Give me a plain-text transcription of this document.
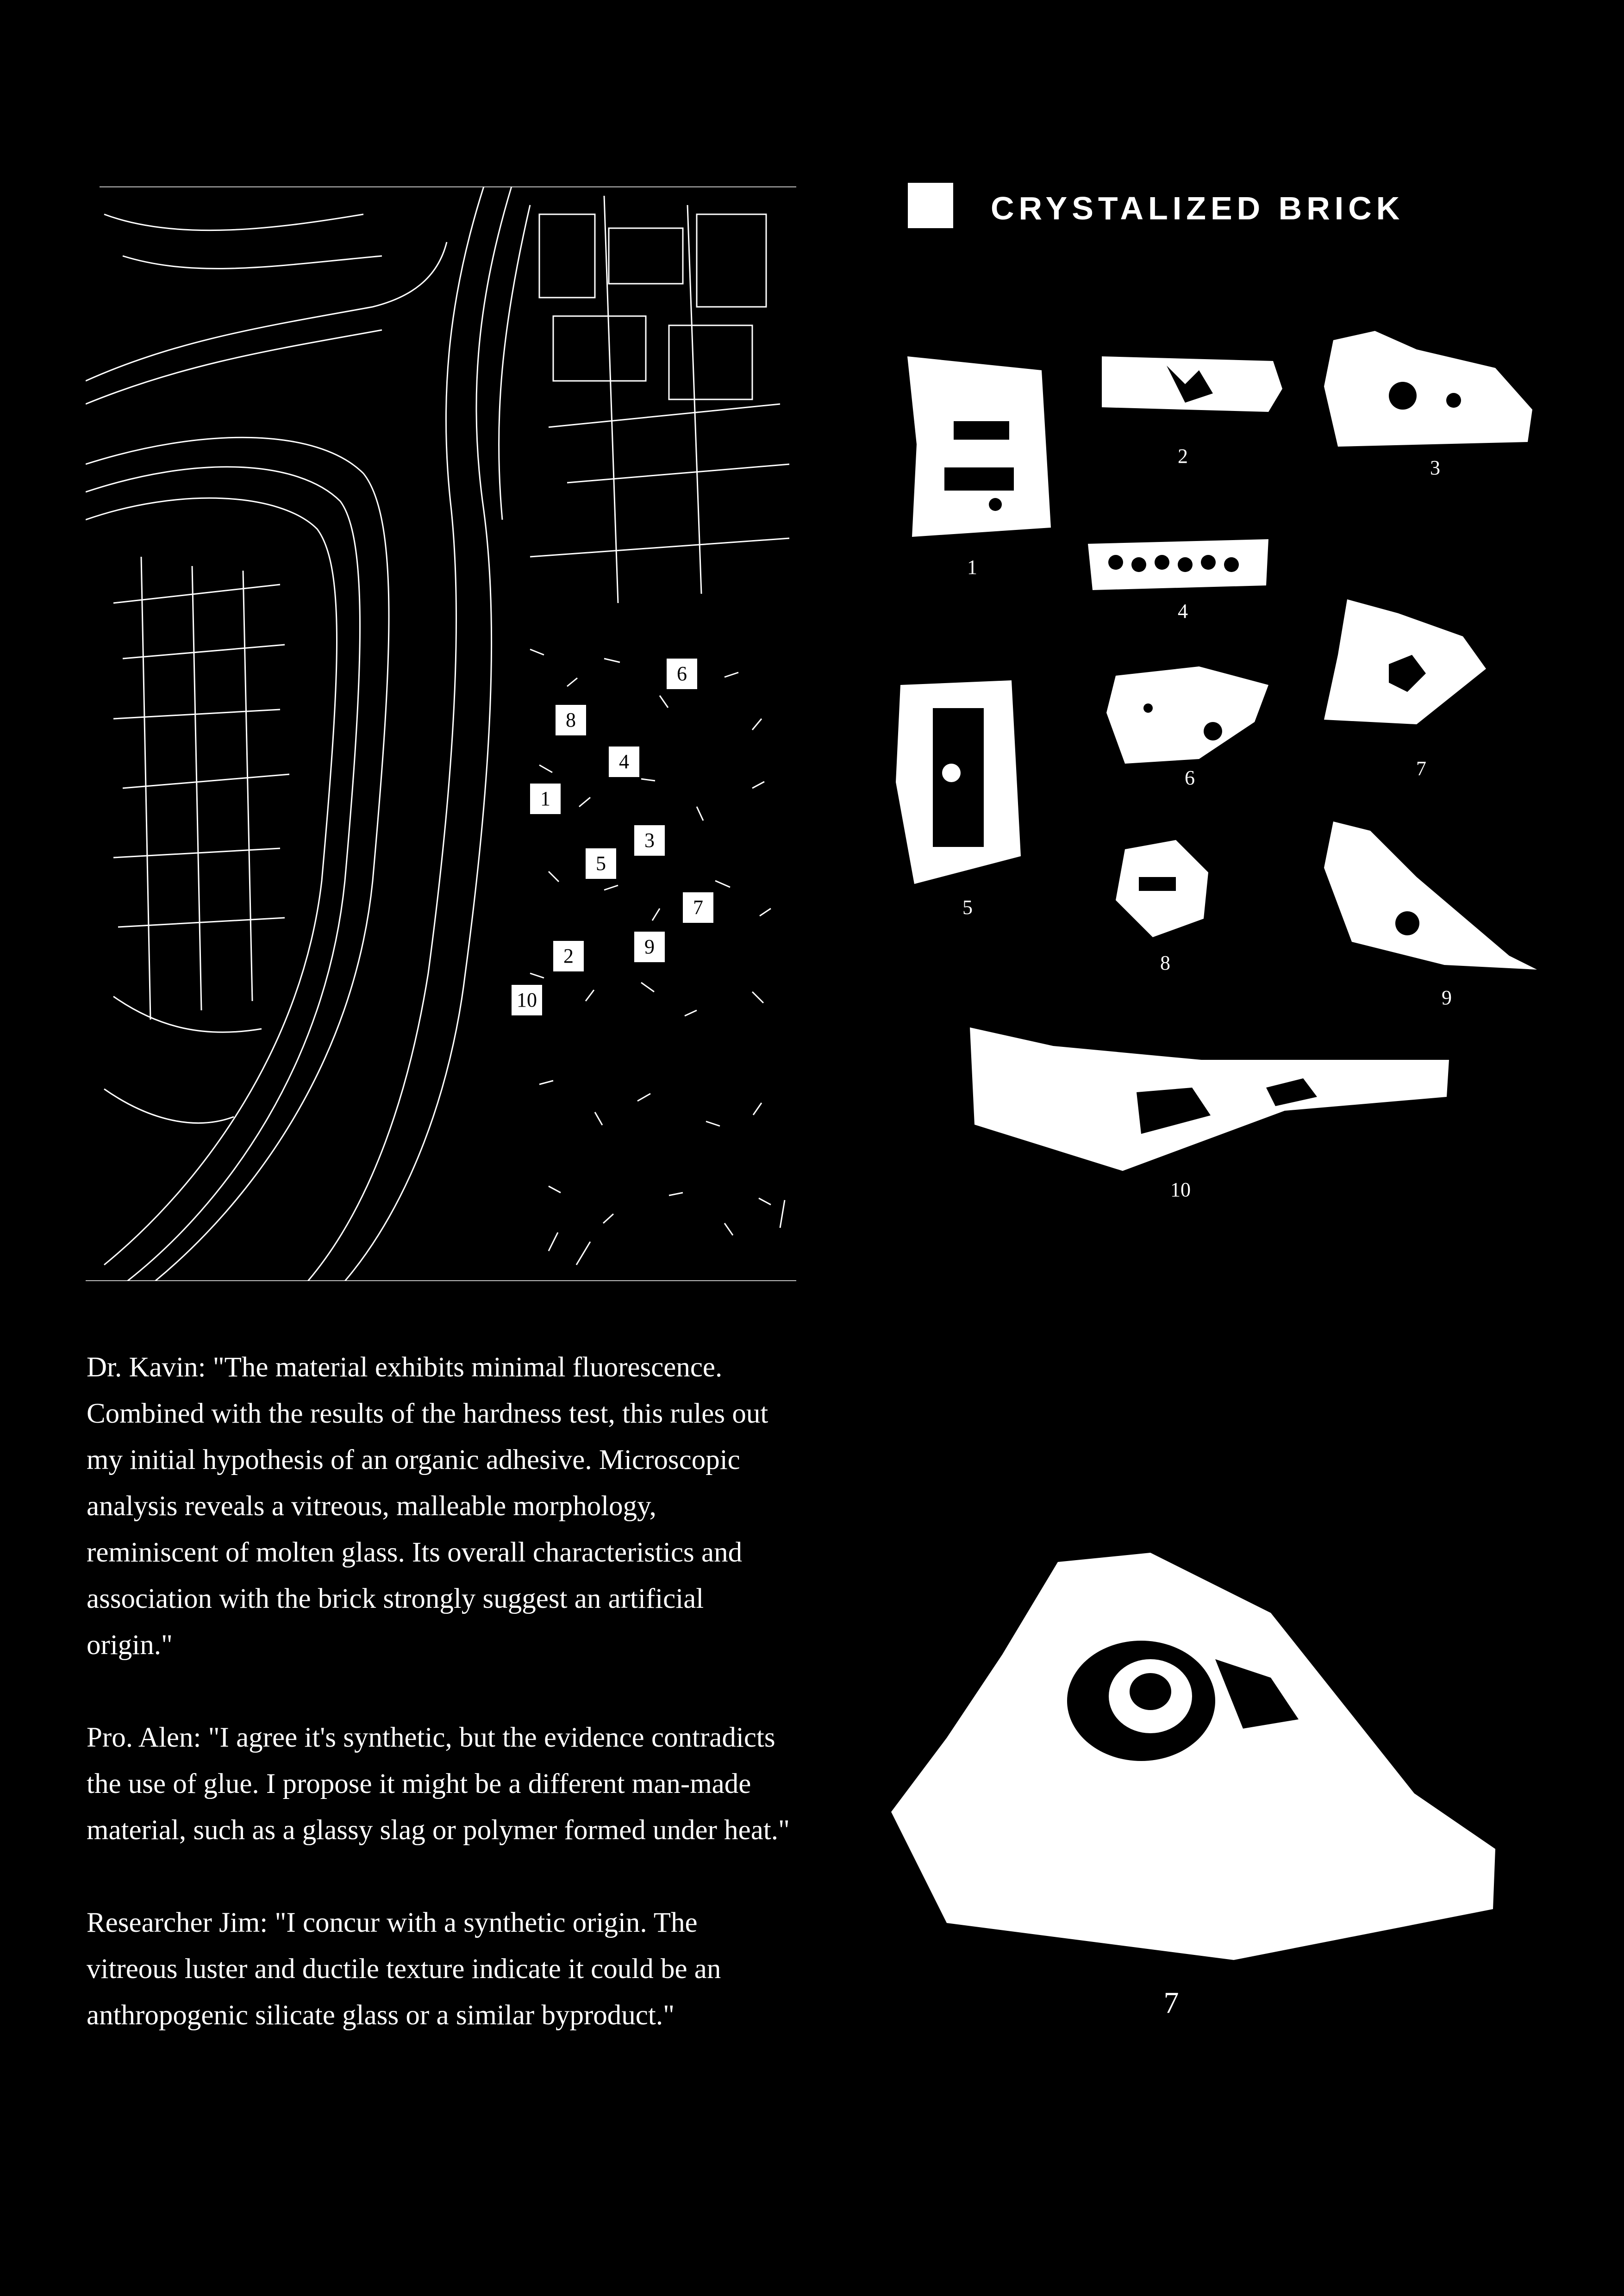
1
2
3
4
5
6
7
8
9
10
CRYSTALIZED BRICK
1
2
3
4
5
6	7
8
9
10

Dr. Kavin: "The material exhibits minimal fluorescence. Combined with the results of the hardness test, this rules out my initial hypothesis of an organic adhesive. Microscopic analysis reveals a vitreous, malleable morphology, reminiscent of molten glass. Its overall characteristics and association with the brick strongly suggest an artificial origin."

Pro. Alen: "I agree it's synthetic, but the evidence contradicts the use of glue. I propose it might be a different man-made material, such as a glassy slag or polymer formed under heat."

Researcher Jim: "I concur with a synthetic origin. The vitreous luster and ductile texture indicate it could be an anthropogenic silicate glass or a similar byproduct."	7
